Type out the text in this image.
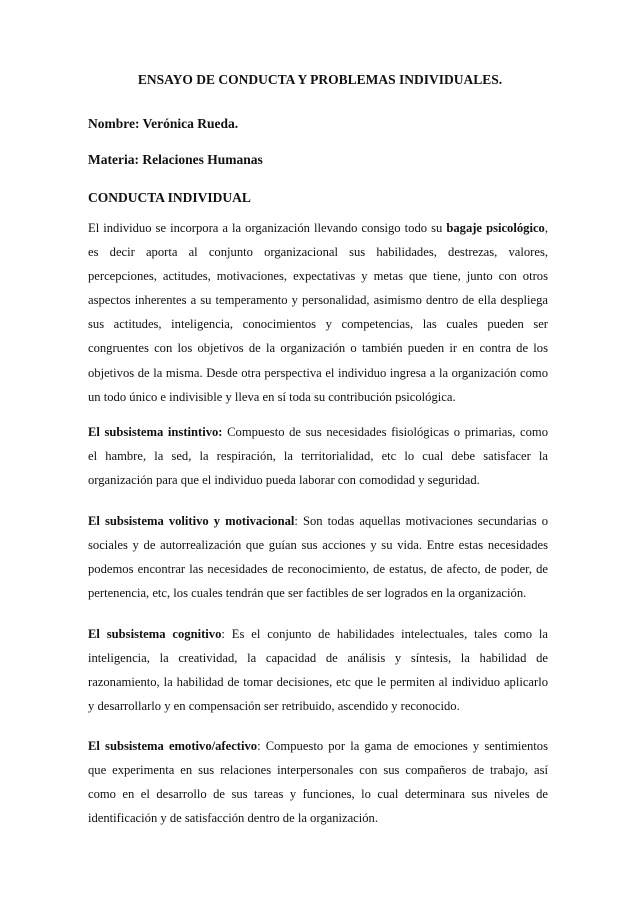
ENSAYO DE CONDUCTA Y PROBLEMAS INDIVIDUALES.
Nombre: Verónica Rueda.
Materia: Relaciones Humanas
CONDUCTA INDIVIDUAL
El individuo se incorpora a la organización llevando consigo todo su bagaje psicológico,
es decir aporta al conjunto organizacional sus habilidades, destrezas, valores,
percepciones, actitudes, motivaciones, expectativas y metas que tiene, junto con otros
aspectos inherentes a su temperamento y personalidad, asimismo dentro de ella despliega
sus actitudes, inteligencia, conocimientos y competencias, las cuales pueden ser
congruentes con los objetivos de la organización o también pueden ir en contra de los
objetivos de la misma. Desde otra perspectiva el individuo ingresa a la organización como
un todo único e indivisible y lleva en sí toda su contribución psicológica.
El subsistema instintivo: Compuesto de sus necesidades fisiológicas o primarias, como
el hambre, la sed, la respiración, la territorialidad, etc lo cual debe satisfacer la
organización para que el individuo pueda laborar con comodidad y seguridad.
El subsistema volitivo y motivacional: Son todas aquellas motivaciones secundarias o
sociales y de autorrealización que guían sus acciones y su vida. Entre estas necesidades
podemos encontrar las necesidades de reconocimiento, de estatus, de afecto, de poder, de
pertenencia, etc, los cuales tendrán que ser factibles de ser logrados en la organización.
El subsistema cognitivo: Es el conjunto de habilidades intelectuales, tales como la
inteligencia, la creatividad, la capacidad de análisis y síntesis, la habilidad de
razonamiento, la habilidad de tomar decisiones, etc que le permiten al individuo aplicarlo
y desarrollarlo y en compensación ser retribuido, ascendido y reconocido.
El subsistema emotivo/afectivo: Compuesto por la gama de emociones y sentimientos
que experimenta en sus relaciones interpersonales con sus compañeros de trabajo, así
como en el desarrollo de sus tareas y funciones, lo cual determinara sus niveles de
identificación y de satisfacción dentro de la organización.
